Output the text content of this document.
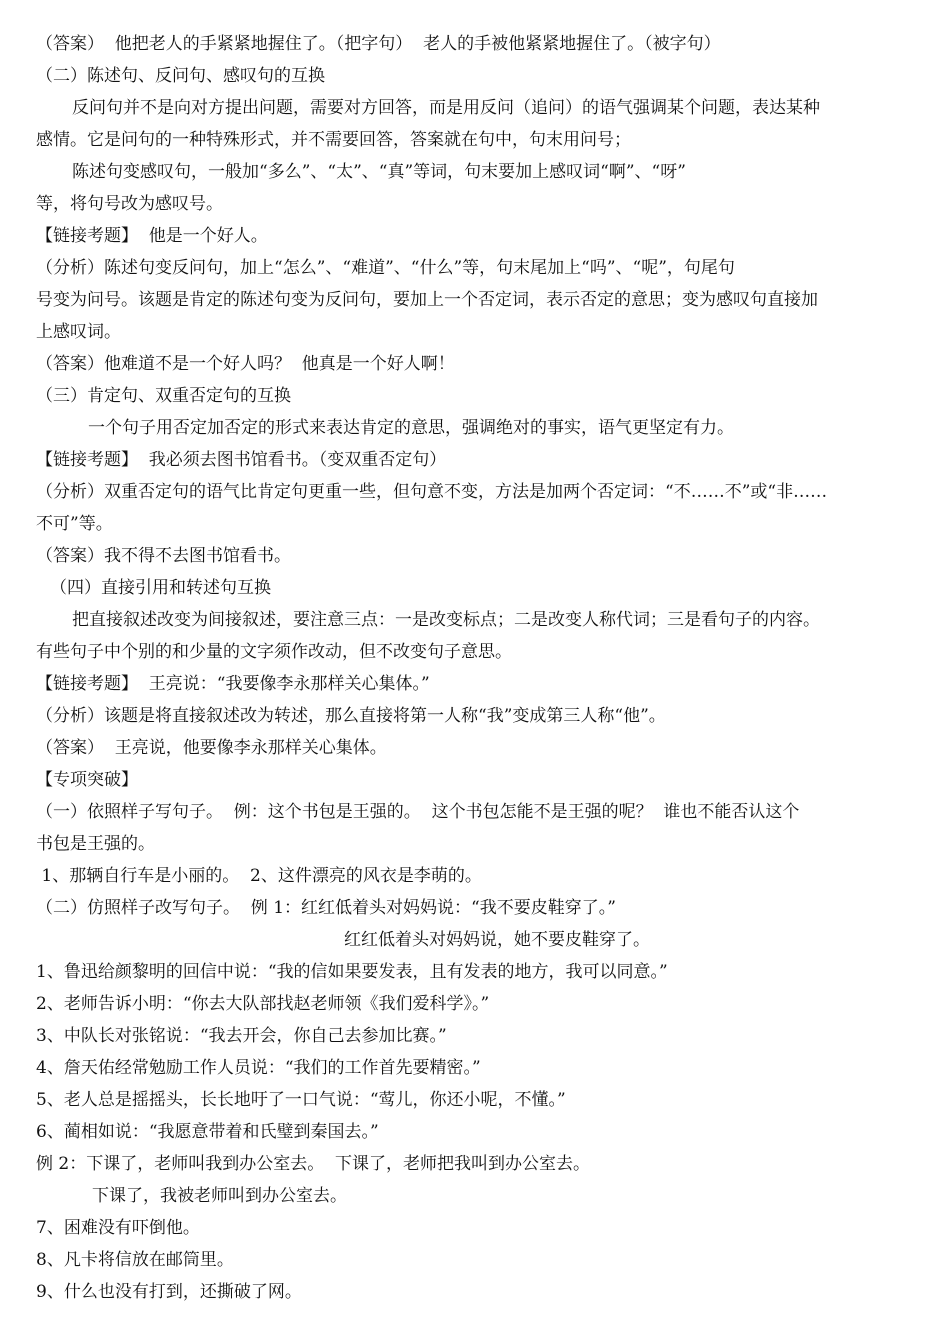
（答案）  他把老人的手紧紧地握住了。（把字句）  老人的手被他紧紧地握住了。（被字句）
（二）陈述句、反问句、感叹句的互换
反问句并不是向对方提出问题，需要对方回答，而是用反问（追问）的语气强调某个问题，表达某种
感情。它是问句的一种特殊形式，并不需要回答，答案就在句中，句末用问号；
陈述句变感叹句，一般加“多么”、“太”、“真”等词，句末要加上感叹词“啊”、“呀”
等，将句号改为感叹号。
【链接考题】  他是一个好人。
（分析）陈述句变反问句，加上“怎么”、“难道”、“什么”等，句末尾加上“吗”、“呢”，句尾句
号变为问号。该题是肯定的陈述句变为反问句，要加上一个否定词，表示否定的意思；变为感叹句直接加
上感叹词。
（答案）他难道不是一个好人吗？  他真是一个好人啊！
（三）肯定句、双重否定句的互换
一个句子用否定加否定的形式来表达肯定的意思，强调绝对的事实，语气更坚定有力。
【链接考题】  我必须去图书馆看书。（变双重否定句）
（分析）双重否定句的语气比肯定句更重一些，但句意不变，方法是加两个否定词：“不……不”或“非……
不可”等。
（答案）我不得不去图书馆看书。
（四）直接引用和转述句互换
把直接叙述改变为间接叙述，要注意三点：一是改变标点；二是改变人称代词；三是看句子的内容。
有些句子中个别的和少量的文字须作改动，但不改变句子意思。
【链接考题】  王亮说：“我要像李永那样关心集体。”
（分析）该题是将直接叙述改为转述，那么直接将第一人称“我”变成第三人称“他”。
（答案）  王亮说，他要像李永那样关心集体。
【专项突破】
（一）依照样子写句子。  例：这个书包是王强的。  这个书包怎能不是王强的呢？  谁也不能否认这个
书包是王强的。
1、那辆自行车是小丽的。  2、这件漂亮的风衣是李萌的。
（二）仿照样子改写句子。  例 1：红红低着头对妈妈说：“我不要皮鞋穿了。”
红红低着头对妈妈说，她不要皮鞋穿了。
1、鲁迅给颜黎明的回信中说：“我的信如果要发表，且有发表的地方，我可以同意。”
2、老师告诉小明：“你去大队部找赵老师领《我们爱科学》。”
3、中队长对张铭说：“我去开会，你自己去参加比赛。”
4、詹天佑经常勉励工作人员说：“我们的工作首先要精密。”
5、老人总是摇摇头，长长地吁了一口气说：“莺儿，你还小呢，不懂。”
6、蔺相如说：“我愿意带着和氏璧到秦国去。”
例 2：下课了，老师叫我到办公室去。  下课了，老师把我叫到办公室去。
下课了，我被老师叫到办公室去。
7、困难没有吓倒他。
8、凡卡将信放在邮筒里。
9、什么也没有打到，还撕破了网。
